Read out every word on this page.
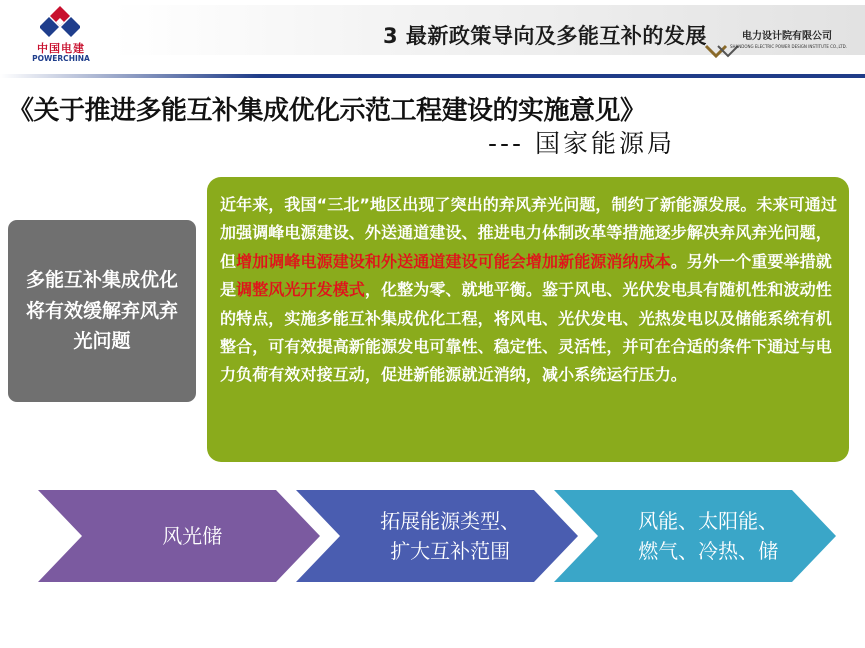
中国电建
POWERCHINA
3 最新政策导向及多能互补的发展	电力设计院有限公司
SHANDONG ELECTRIC POWER DESIGN INSTITUTE CO.,LTD.
《关于推进多能互补集成优化示范工程建设的实施意见》
--- 国家能源局
多能互补集成优化将有效缓解弃风弃光问题
近年来，我国“三北”地区出现了突出的弃风弃光问题，制约了新能源发展。未来可通过加强调峰电源建设、外送通道建设、推进电力体制改革等措施逐步解决弃风弃光问题，但增加调峰电源建设和外送通道建设可能会增加新能源消纳成本。另外一个重要举措就是调整风光开发模式，化整为零、就地平衡。鉴于风电、光伏发电具有随机性和波动性的特点，实施多能互补集成优化工程，将风电、光伏发电、光热发电以及储能系统有机整合，可有效提高新能源发电可靠性、稳定性、灵活性，并可在合适的条件下通过与电力负荷有效对接互动，促进新能源就近消纳，减小系统运行压力。
风光储
拓展能源类型、
扩大互补范围
风能、太阳能、
燃气、冷热、储
